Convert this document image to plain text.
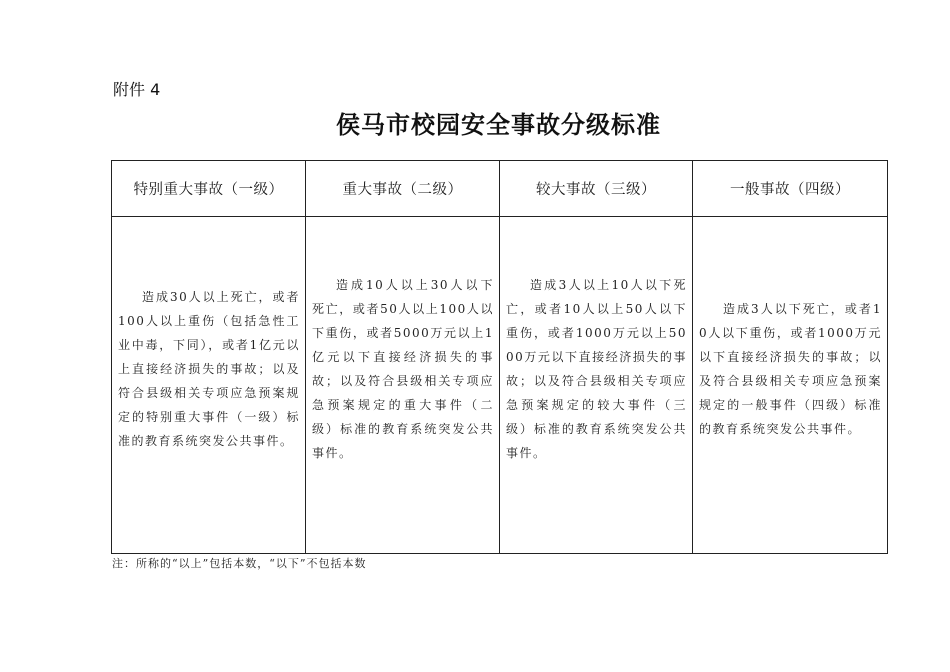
附件 4
侯马市校园安全事故分级标准
特别重大事故（一级）	重大事故（二级）	较大事故（三级）	一般事故（四级）

造成30人以上死亡，或者100人以上重伤（包括急性工业中毒，下同），或者1亿元以上直接经济损失的事故；以及符合县级相关专项应急预案规定的特别重大事件（一级）标准的教育系统突发公共事件。	造成10人以上30人以下死亡，或者50人以上100人以下重伤，或者5000万元以上1亿元以下直接经济损失的事故；以及符合县级相关专项应急预案规定的重大事件（二级）标准的教育系统突发公共事件。	造成3人以上10人以下死亡，或者10人以上50人以下重伤，或者1000万元以上5000万元以下直接经济损失的事故；以及符合县级相关专项应急预案规定的较大事件（三级）标准的教育系统突发公共事件。	造成3人以下死亡，或者10人以下重伤，或者1000万元以下直接经济损失的事故；以及符合县级相关专项应急预案规定的一般事件（四级）标准的教育系统突发公共事件。
注：所称的“以上”包括本数，“以下”不包括本数
